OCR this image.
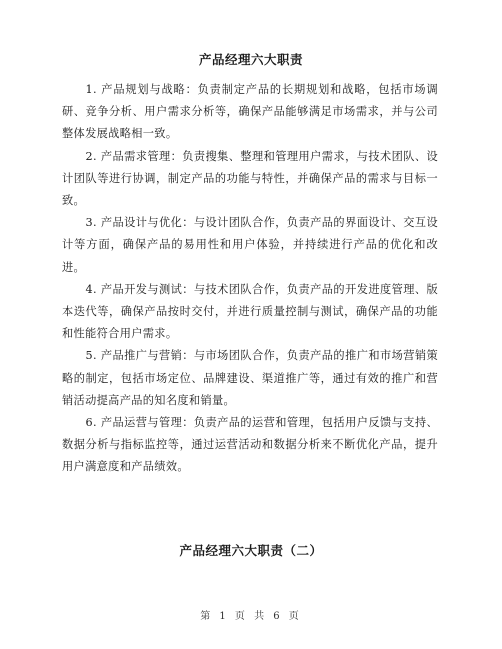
产品经理六大职责

1. 产品规划与战略：负责制定产品的长期规划和战略，包括市场调研、竞争分析、用户需求分析等，确保产品能够满足市场需求，并与公司整体发展战略相一致。

2. 产品需求管理：负责搜集、整理和管理用户需求，与技术团队、设计团队等进行协调，制定产品的功能与特性，并确保产品的需求与目标一致。

3. 产品设计与优化：与设计团队合作，负责产品的界面设计、交互设计等方面，确保产品的易用性和用户体验，并持续进行产品的优化和改进。

4. 产品开发与测试：与技术团队合作，负责产品的开发进度管理、版本迭代等，确保产品按时交付，并进行质量控制与测试，确保产品的功能和性能符合用户需求。

5. 产品推广与营销：与市场团队合作，负责产品的推广和市场营销策略的制定，包括市场定位、品牌建设、渠道推广等，通过有效的推广和营销活动提高产品的知名度和销量。

6. 产品运营与管理：负责产品的运营和管理，包括用户反馈与支持、数据分析与指标监控等，通过运营活动和数据分析来不断优化产品，提升用户满意度和产品绩效。

产品经理六大职责（二）
第 1 页 共 6 页
